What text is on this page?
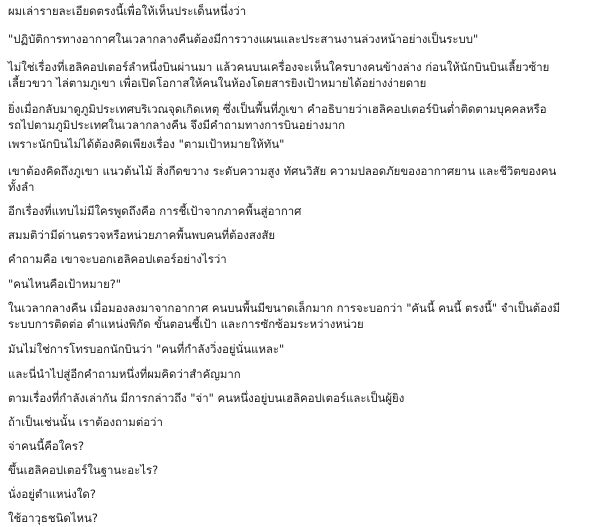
ผมเล่ารายละเอียดตรงนี้เพื่อให้เห็นประเด็นหนึ่งว่า

"ปฏิบัติการทางอากาศในเวลากลางคืนต้องมีการวางแผนและประสานงานล่วงหน้าอย่างเป็นระบบ"

ไม่ใช่เรื่องที่เฮลิคอปเตอร์ลำหนึ่งบินผ่านมา แล้วคนบนเครื่องจะเห็นใครบางคนข้างล่าง ก่อนให้นักบินบินเลี้ยวซ้าย
เลี้ยวขวา ไล่ตามภูเขา เพื่อเปิดโอกาสให้คนในห้องโดยสารยิงเป้าหมายได้อย่างง่ายดาย

ยิ่งเมื่อกลับมาดูภูมิประเทศบริเวณจุดเกิดเหตุ ซึ่งเป็นพื้นที่ภูเขา คำอธิบายว่าเฮลิคอปเตอร์บินต่ำติดตามบุคคลหรือ
รถไปตามภูมิประเทศในเวลากลางคืน จึงมีคำถามทางการบินอย่างมาก

เพราะนักบินไม่ได้ต้องคิดเพียงเรื่อง "ตามเป้าหมายให้ทัน"

เขาต้องคิดถึงภูเขา แนวต้นไม้ สิ่งกีดขวาง ระดับความสูง ทัศนวิสัย ความปลอดภัยของอากาศยาน และชีวิตของคน
ทั้งลำ

อีกเรื่องที่แทบไม่มีใครพูดถึงคือ การชี้เป้าจากภาคพื้นสู่อากาศ

สมมติว่ามีด่านตรวจหรือหน่วยภาคพื้นพบคนที่ต้องสงสัย

คำถามคือ เขาจะบอกเฮลิคอปเตอร์อย่างไรว่า

"คนไหนคือเป้าหมาย?"

ในเวลากลางคืน เมื่อมองลงมาจากอากาศ คนบนพื้นมีขนาดเล็กมาก การจะบอกว่า "คันนี้ คนนี้ ตรงนี้" จำเป็นต้องมี
ระบบการติดต่อ ตำแหน่งพิกัด ขั้นตอนชี้เป้า และการซักซ้อมระหว่างหน่วย

มันไม่ใช่การโทรบอกนักบินว่า "คนที่กำลังวิ่งอยู่นั่นแหละ"

และนี่นำไปสู่อีกคำถามหนึ่งที่ผมคิดว่าสำคัญมาก

ตามเรื่องที่กำลังเล่ากัน มีการกล่าวถึง "จ่า" คนหนึ่งอยู่บนเฮลิคอปเตอร์และเป็นผู้ยิง

ถ้าเป็นเช่นนั้น เราต้องถามต่อว่า

จ่าคนนี้คือใคร?

ขึ้นเฮลิคอปเตอร์ในฐานะอะไร?

นั่งอยู่ตำแหน่งใด?

ใช้อาวุธชนิดไหน?
